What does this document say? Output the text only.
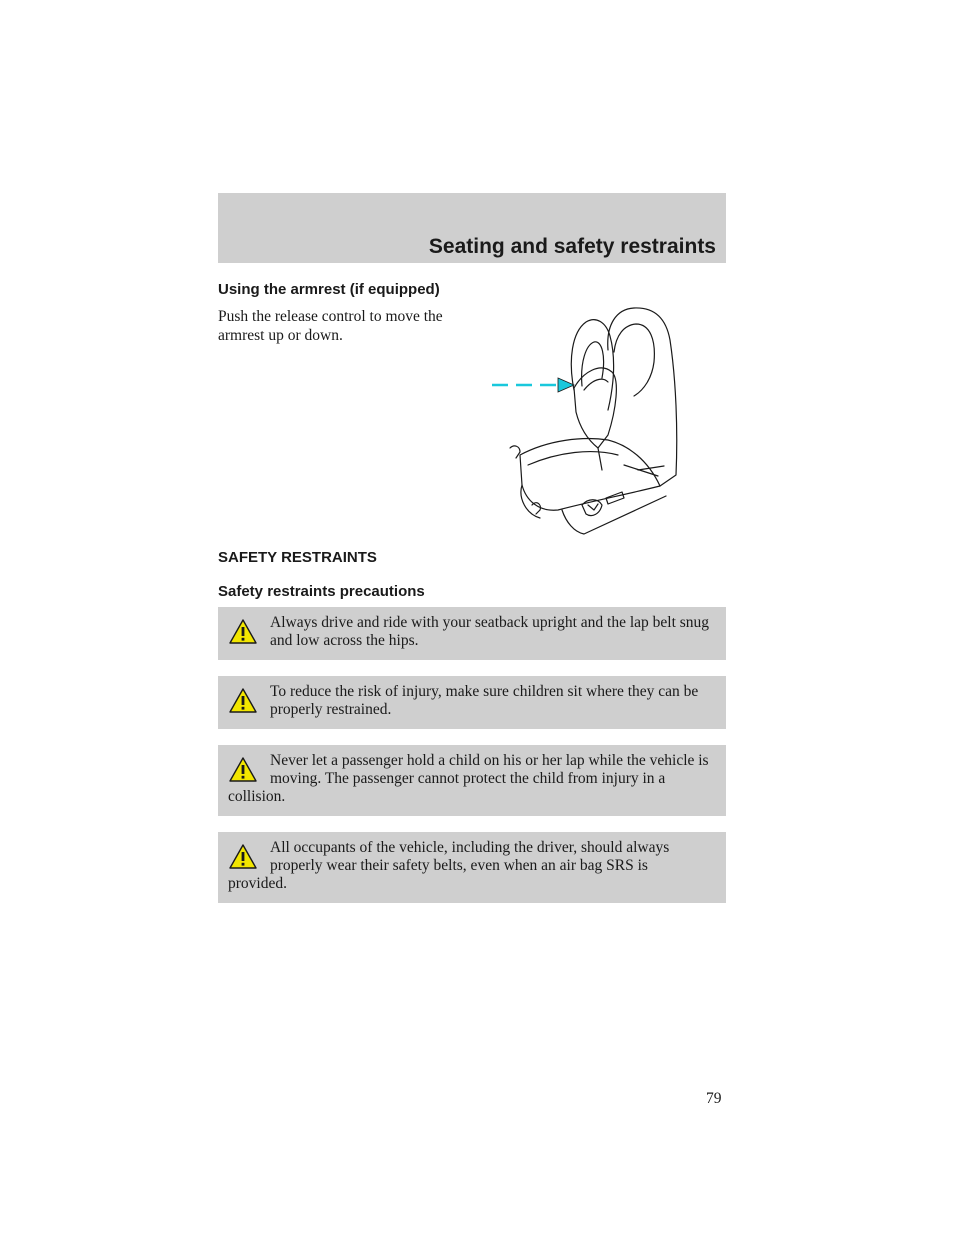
Seating and safety restraints
Using the armrest (if equipped)
Push the release control to move the armrest up or down.
SAFETY RESTRAINTS
Safety restraints precautions
Always drive and ride with your seatback upright and the lap belt snug and low across the hips.
To reduce the risk of injury, make sure children sit where they can be properly restrained.
Never let a passenger hold a child on his or her lap while the vehicle is moving. The passenger cannot protect the child from injury in a collision.
All occupants of the vehicle, including the driver, should always properly wear their safety belts, even when an air bag SRS is provided.
79
